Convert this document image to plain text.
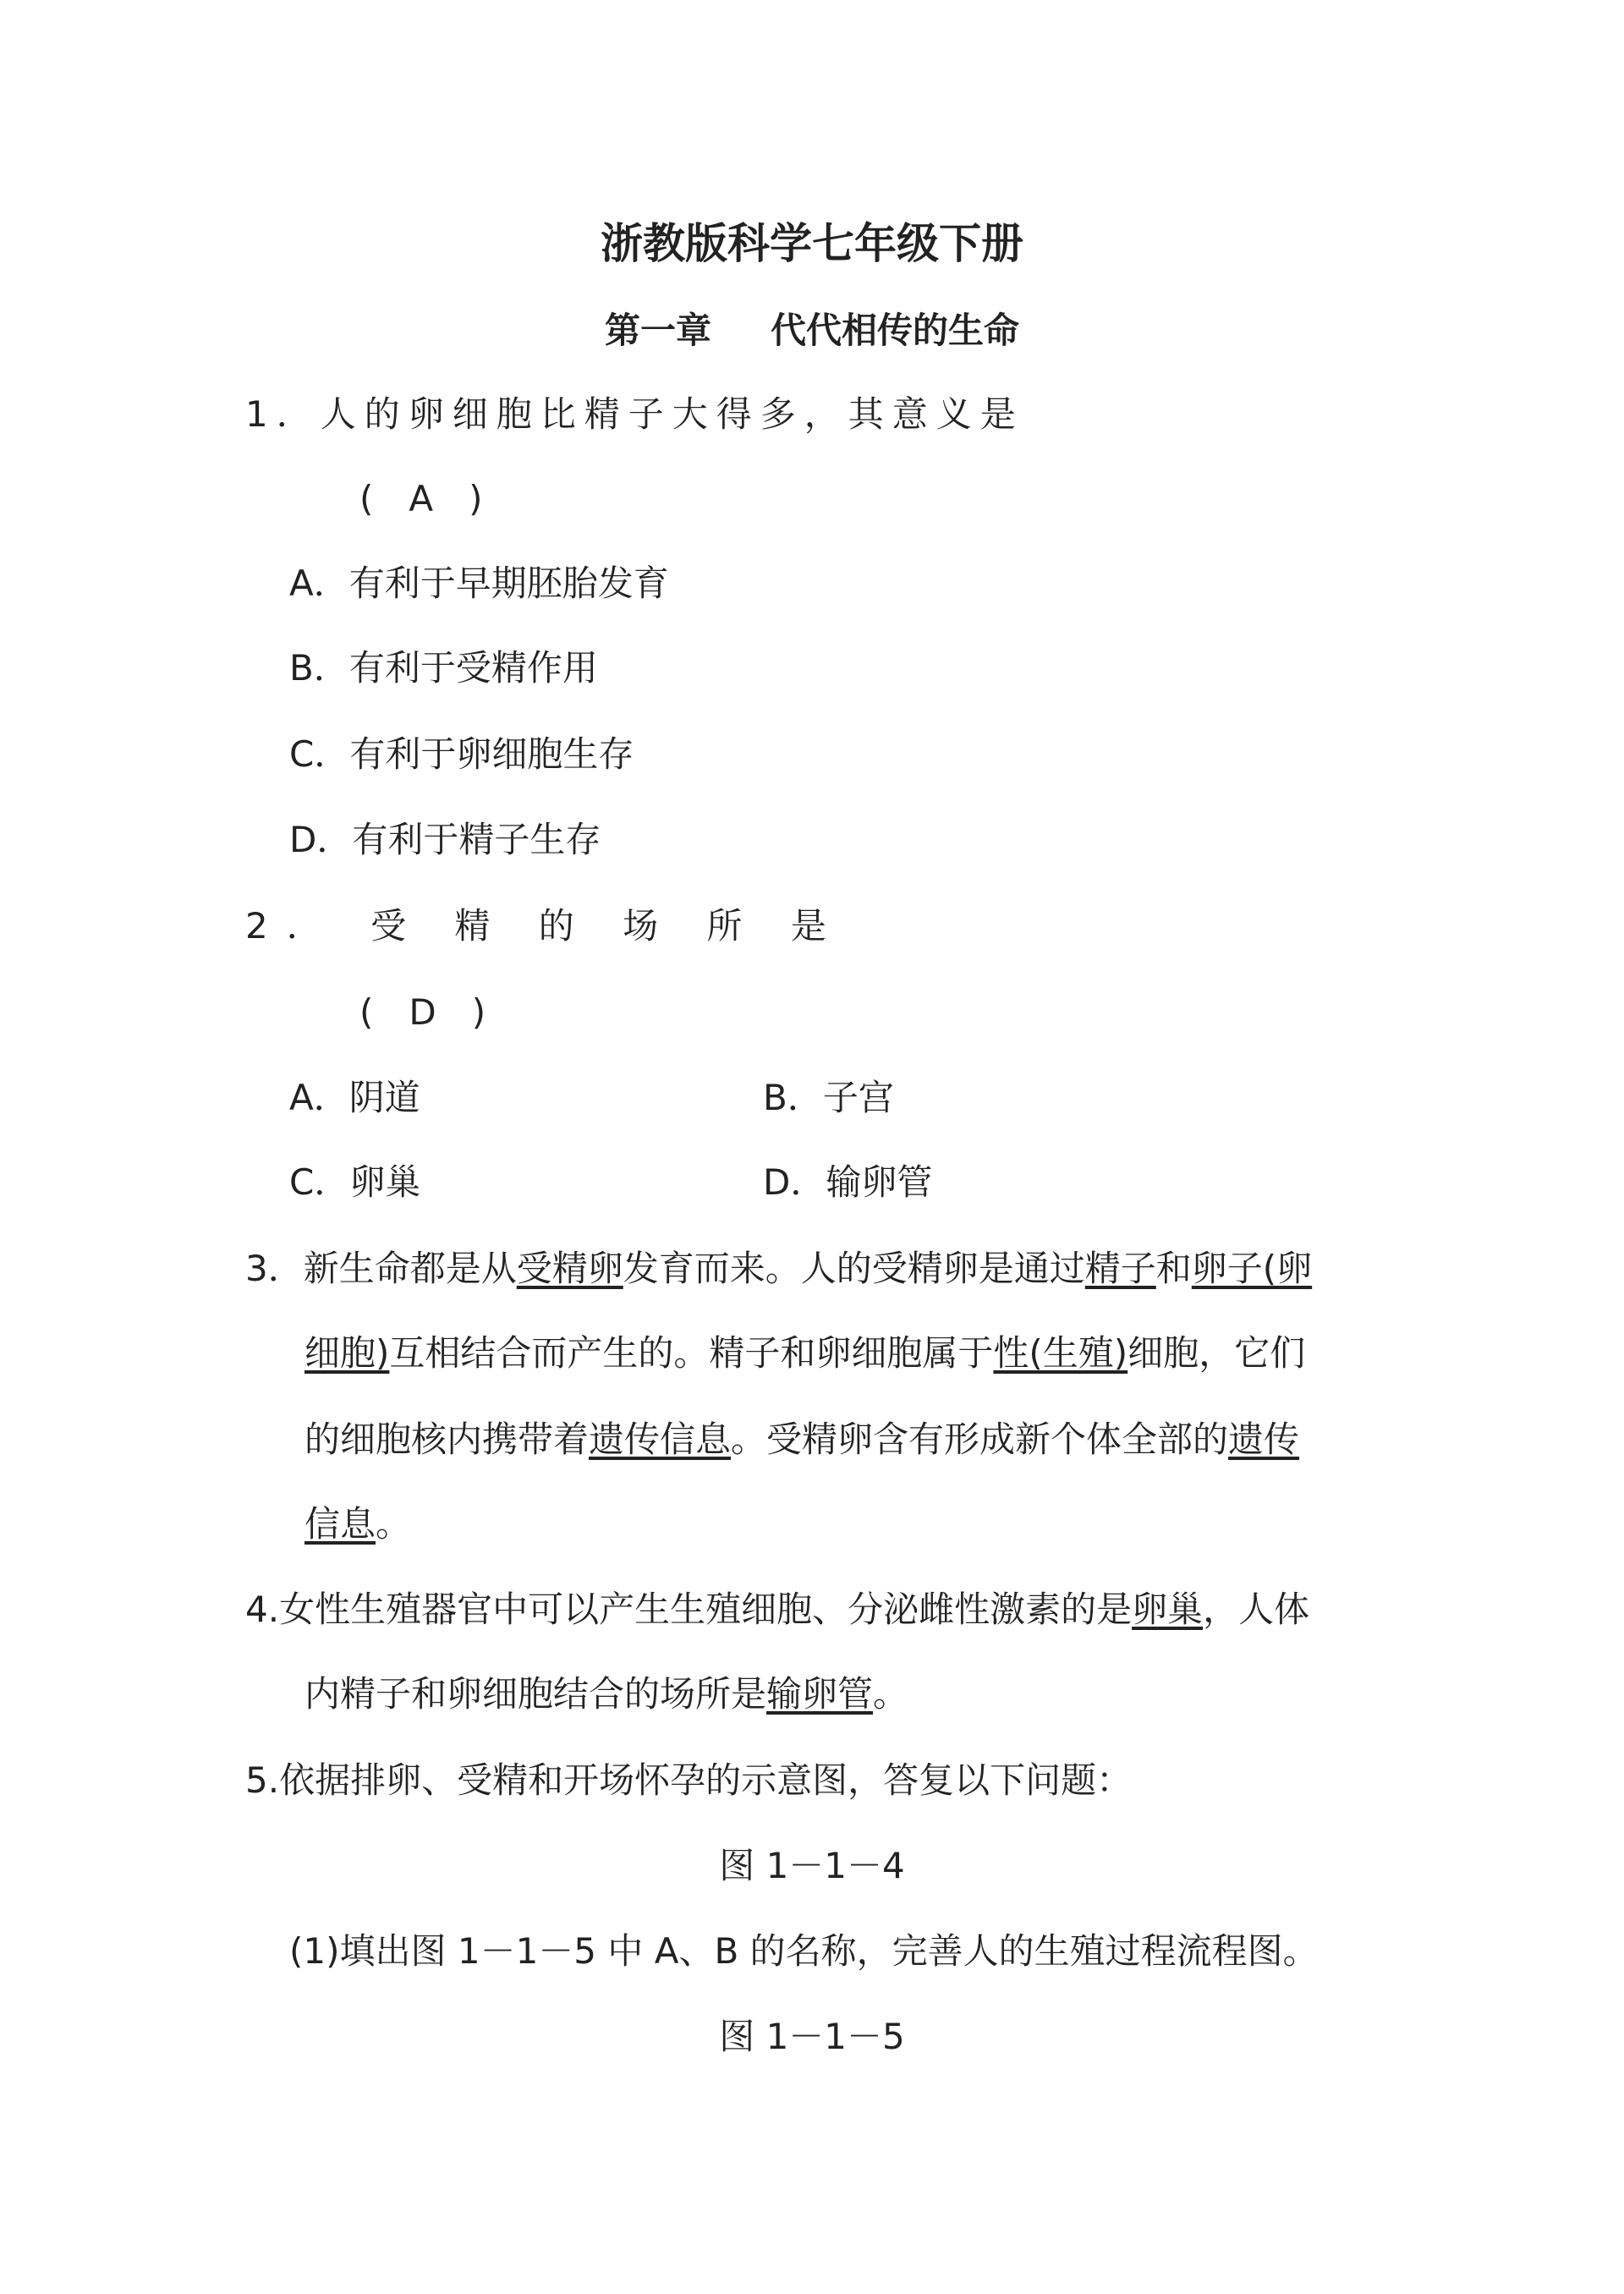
浙教版科学七年级下册
第一章 代代相传的生命
1．人的卵细胞比精子大得多，其意义是
(　A　)
A．有利于早期胚胎发育
B．有利于受精作用
C．有利于卵细胞生存
D．有利于精子生存
2． 受 精 的 场 所 是
(　D　)
A．阴道	B．子宫
C．卵巢	D．输卵管
3．新生命都是从受精卵发育而来。人的受精卵是通过精子和卵子(卵
细胞)互相结合而产生的。精子和卵细胞属于性(生殖)细胞，它们
的细胞核内携带着遗传信息。受精卵含有形成新个体全部的遗传
信息。
4.女性生殖器官中可以产生生殖细胞、分泌雌性激素的是卵巢，人体
内精子和卵细胞结合的场所是输卵管。
5.依据排卵、受精和开场怀孕的示意图，答复以下问题：
图 1－1－4
(1)填出图 1－1－5 中 A、B 的名称，完善人的生殖过程流程图。
图 1－1－5
